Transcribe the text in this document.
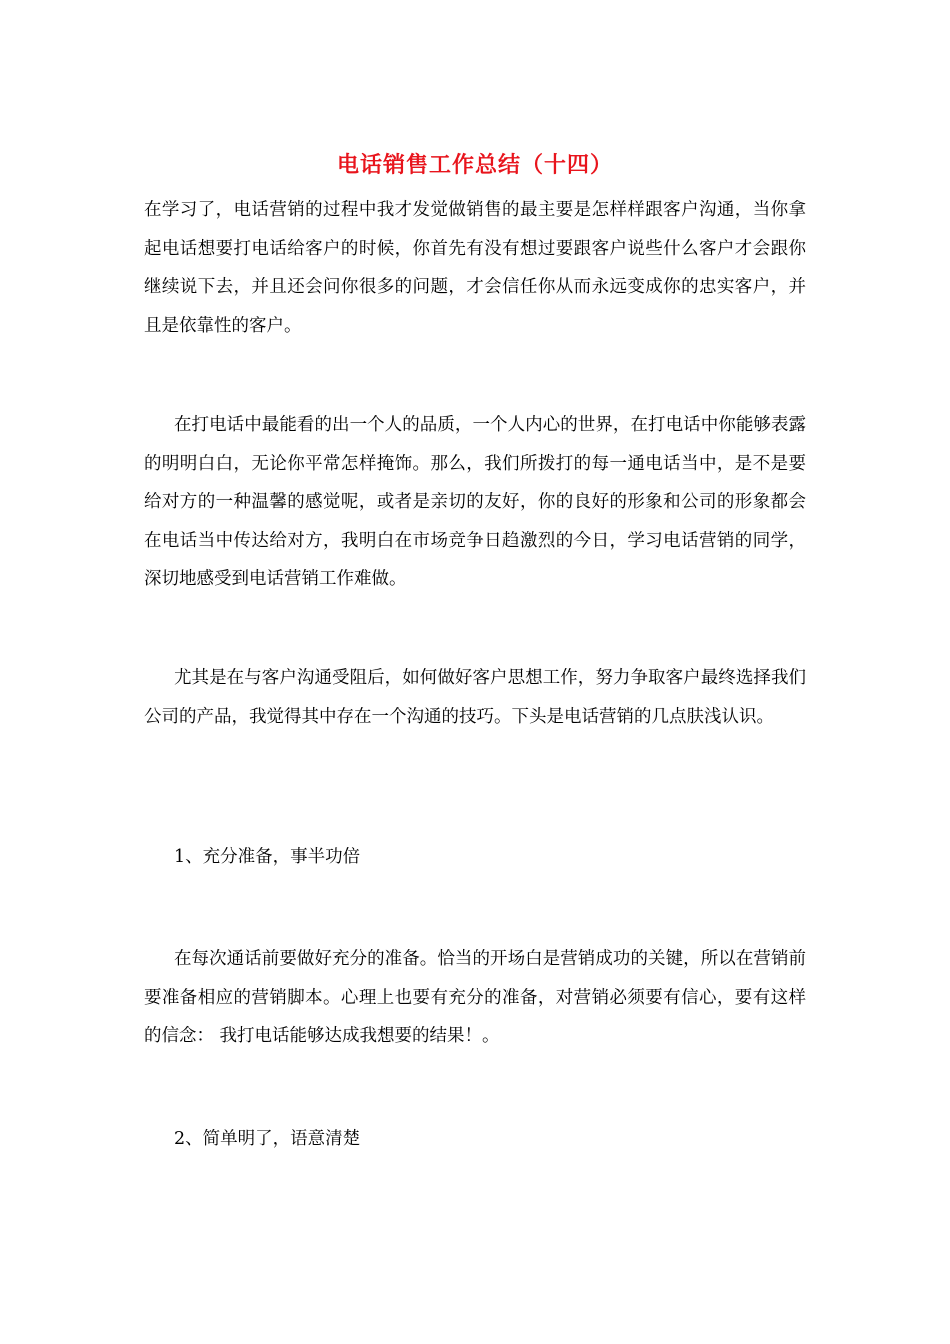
电话销售工作总结（十四）

在学习了，电话营销的过程中我才发觉做销售的最主要是怎样样跟客户沟通，当你拿起电话想要打电话给客户的时候，你首先有没有想过要跟客户说些什么客户才会跟你继续说下去，并且还会问你很多的问题，才会信任你从而永远变成你的忠实客户，并且是依靠性的客户。

在打电话中最能看的出一个人的品质，一个人内心的世界，在打电话中你能够表露的明明白白，无论你平常怎样掩饰。那么，我们所拨打的每一通电话当中，是不是要给对方的一种温馨的感觉呢，或者是亲切的友好，你的良好的形象和公司的形象都会在电话当中传达给对方，我明白在市场竞争日趋激烈的今日，学习电话营销的同学，深切地感受到电话营销工作难做。

尤其是在与客户沟通受阻后，如何做好客户思想工作，努力争取客户最终选择我们公司的产品，我觉得其中存在一个沟通的技巧。下头是电话营销的几点肤浅认识。

1、充分准备，事半功倍

在每次通话前要做好充分的准备。恰当的开场白是营销成功的关键，所以在营销前要准备相应的营销脚本。心理上也要有充分的准备，对营销必须要有信心，要有这样的信念： 我打电话能够达成我想要的结果！。

2、简单明了，语意清楚
